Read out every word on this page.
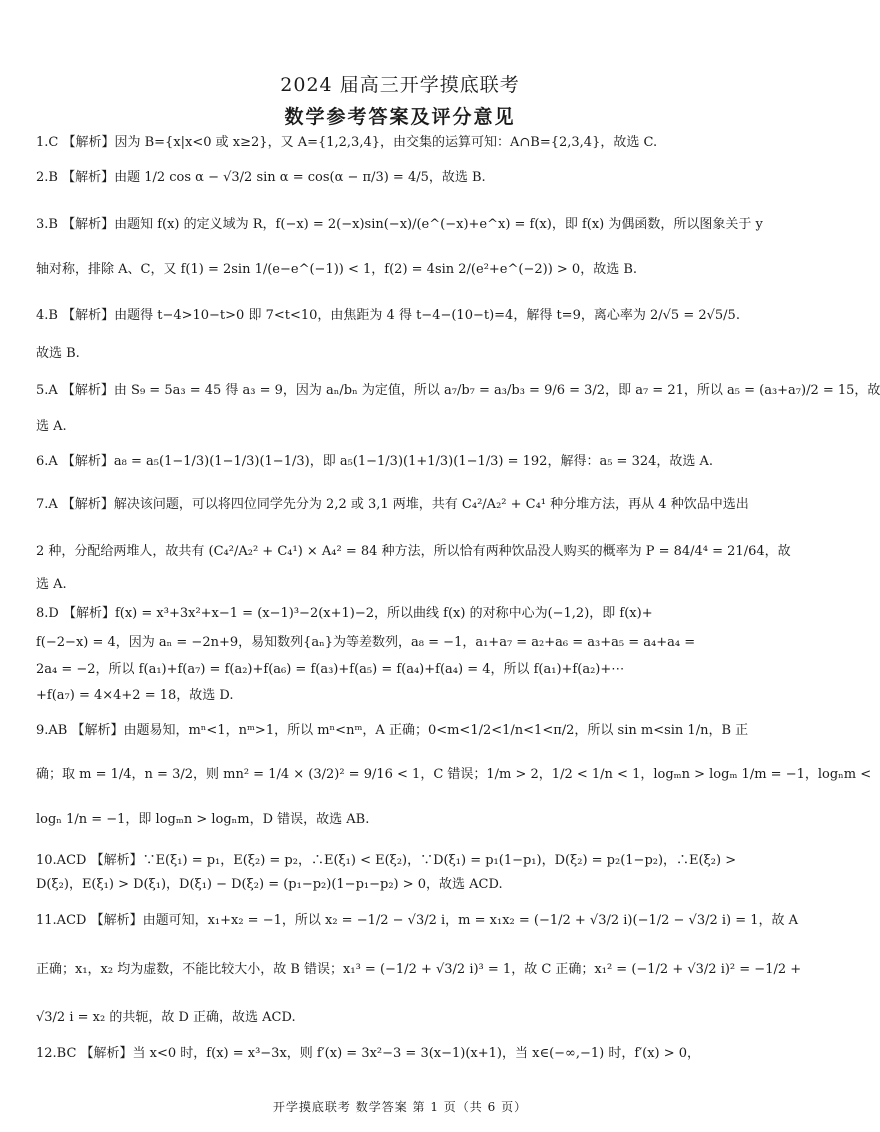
2024 届高三开学摸底联考
数学参考答案及评分意见
1.C 【解析】因为 B={x|x<0 或 x≥2}，又 A={1,2,3,4}，由交集的运算可知：A∩B={2,3,4}，故选 C.
2.B 【解析】由题 1/2 cos α − √3/2 sin α = cos(α − π/3) = 4/5，故选 B.
3.B 【解析】由题知 f(x) 的定义域为 R，f(−x) = 2(−x)sin(−x)/(e^(−x)+e^x) = f(x)，即 f(x) 为偶函数，所以图象关于 y
轴对称，排除 A、C，又 f(1) = 2sin 1/(e−e^(−1)) < 1，f(2) = 4sin 2/(e²+e^(−2)) > 0，故选 B.
4.B 【解析】由题得 t−4>10−t>0 即 7<t<10，由焦距为 4 得 t−4−(10−t)=4，解得 t=9，离心率为 2/√5 = 2√5/5.
故选 B.
5.A 【解析】由 S₉ = 5a₃ = 45 得 a₃ = 9，因为 aₙ/bₙ 为定值，所以 a₇/b₇ = a₃/b₃ = 9/6 = 3/2，即 a₇ = 21，所以 a₅ = (a₃+a₇)/2 = 15，故
选 A.
6.A 【解析】a₈ = a₅(1−1/3)(1−1/3)(1−1/3)，即 a₅(1−1/3)(1+1/3)(1−1/3) = 192，解得：a₅ = 324，故选 A.
7.A 【解析】解决该问题，可以将四位同学先分为 2,2 或 3,1 两堆，共有 C₄²/A₂² + C₄¹ 种分堆方法，再从 4 种饮品中选出
2 种，分配给两堆人，故共有 (C₄²/A₂² + C₄¹) × A₄² = 84 种方法，所以恰有两种饮品没人购买的概率为 P = 84/4⁴ = 21/64，故
选 A.
8.D 【解析】f(x) = x³+3x²+x−1 = (x−1)³−2(x+1)−2，所以曲线 f(x) 的对称中心为(−1,2)，即 f(x)+
f(−2−x) = 4，因为 aₙ = −2n+9，易知数列{aₙ}为等差数列，a₈ = −1，a₁+a₇ = a₂+a₆ = a₃+a₅ = a₄+a₄ =
2a₄ = −2，所以 f(a₁)+f(a₇) = f(a₂)+f(a₆) = f(a₃)+f(a₅) = f(a₄)+f(a₄) = 4，所以 f(a₁)+f(a₂)+⋯
+f(a₇) = 4×4+2 = 18，故选 D.
9.AB 【解析】由题易知，mⁿ<1，nᵐ>1，所以 mⁿ<nᵐ，A 正确；0<m<1/2<1/n<1<π/2，所以 sin m<sin 1/n，B 正
确；取 m = 1/4，n = 3/2，则 mn² = 1/4 × (3/2)² = 9/16 < 1，C 错误；1/m > 2，1/2 < 1/n < 1，logₘn > logₘ 1/m = −1，logₙm <
logₙ 1/n = −1，即 logₘn > logₙm，D 错误，故选 AB.
10.ACD 【解析】∵E(ξ₁) = p₁，E(ξ₂) = p₂，∴E(ξ₁) < E(ξ₂)，∵D(ξ₁) = p₁(1−p₁)，D(ξ₂) = p₂(1−p₂)，∴E(ξ₂) >
D(ξ₂)，E(ξ₁) > D(ξ₁)，D(ξ₁) − D(ξ₂) = (p₁−p₂)(1−p₁−p₂) > 0，故选 ACD.
11.ACD 【解析】由题可知，x₁+x₂ = −1，所以 x₂ = −1/2 − √3/2 i，m = x₁x₂ = (−1/2 + √3/2 i)(−1/2 − √3/2 i) = 1，故 A
正确；x₁，x₂ 均为虚数，不能比较大小，故 B 错误；x₁³ = (−1/2 + √3/2 i)³ = 1，故 C 正确；x₁² = (−1/2 + √3/2 i)² = −1/2 +
√3/2 i = x₂ 的共轭，故 D 正确，故选 ACD.
12.BC 【解析】当 x<0 时，f(x) = x³−3x，则 f′(x) = 3x²−3 = 3(x−1)(x+1)，当 x∈(−∞,−1) 时，f′(x) > 0，
开学摸底联考 数学答案 第 1 页（共 6 页）
